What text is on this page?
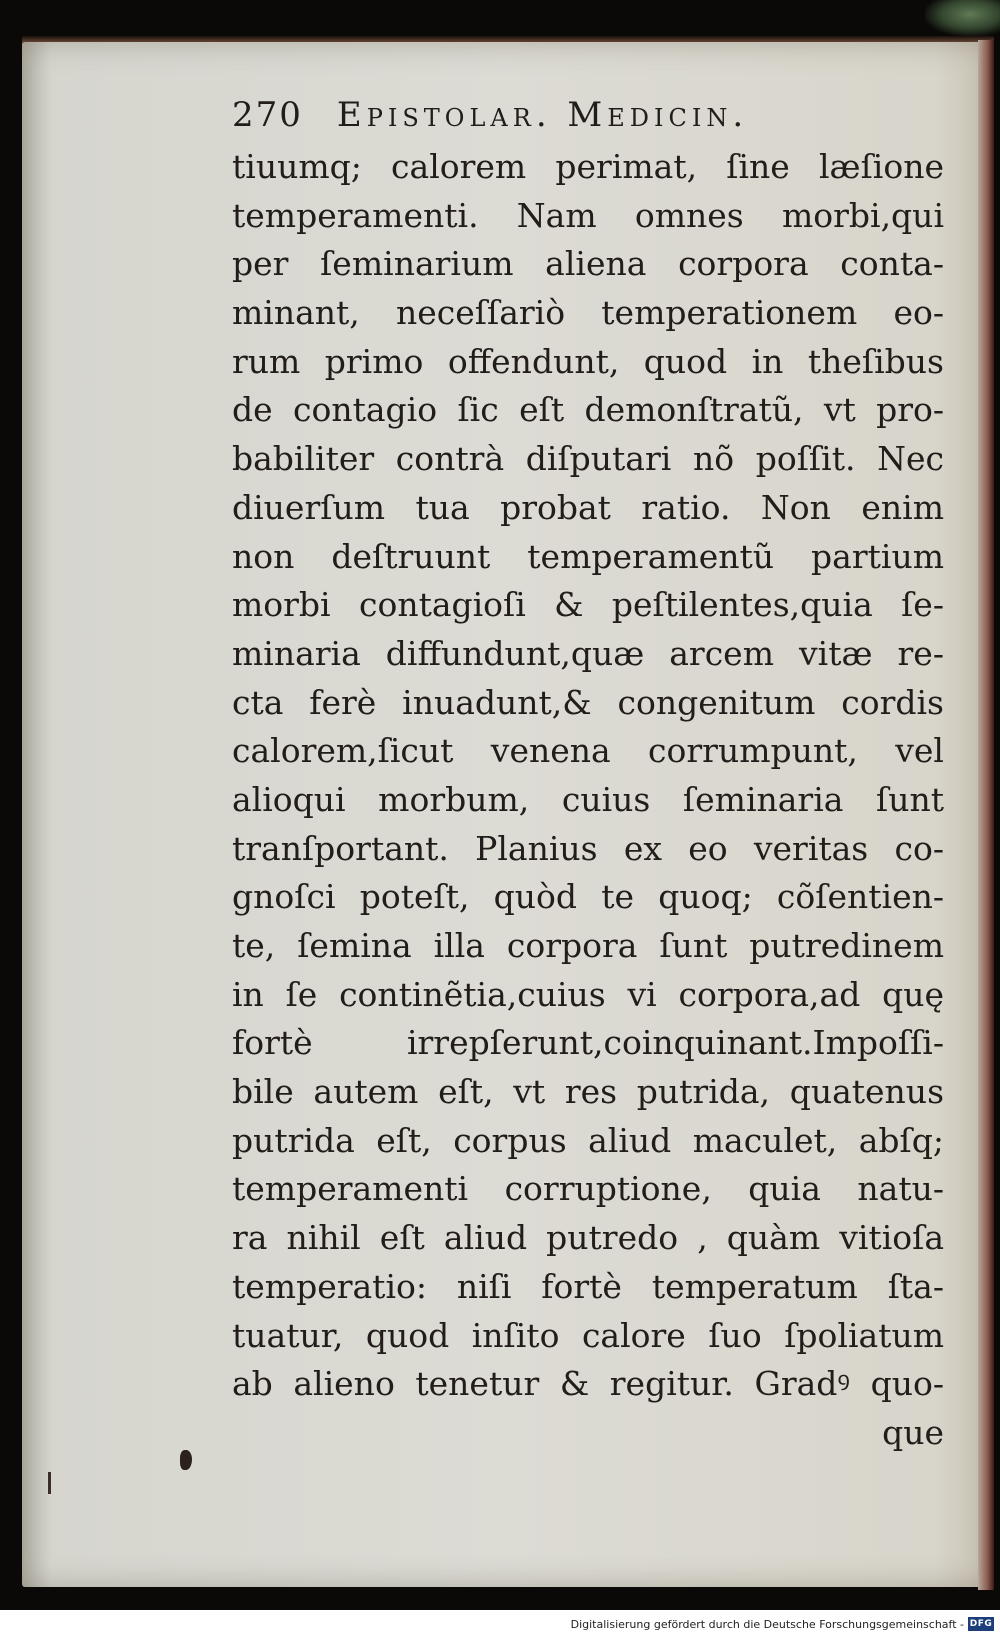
270 Epistolar. Medicin.
tiuumq; calorem perimat, ſine læſione
temperamenti. Nam omnes morbi,qui
per ſeminarium aliena corpora conta-
minant, neceſſariò temperationem eo-
rum primo offendunt, quod in theſibus
de contagio ſic eſt demonſtratũ, vt pro-
babiliter contrà diſputari nõ poſſit. Nec
diuerſum tua probat ratio. Non enim
non deſtruunt temperamentũ partium
morbi contagioſi & peſtilentes,quia ſe-
minaria diffundunt,quæ arcem vitæ re-
cta ferè inuadunt,& congenitum cordis
calorem,ſicut venena corrumpunt, vel
alioqui morbum, cuius ſeminaria ſunt
tranſportant. Planius ex eo veritas co-
gnoſci poteſt, quòd te quoq; cõſentien-
te, ſemina illa corpora ſunt putredinem
in ſe continẽtia,cuius vi corpora,ad quę
fortè irrepſerunt,coinquinant.Impoſſi-
bile autem eſt, vt res putrida, quatenus
putrida eſt, corpus aliud maculet, abſq;
temperamenti corruptione, quia natu-
ra nihil eſt aliud putredo , quàm vitioſa
temperatio: niſi fortè temperatum ſta-
tuatur, quod inſito calore ſuo ſpoliatum
ab alieno tenetur & regitur. Gradꝰ quo-
que
Digitalisierung gefördert durch die Deutsche Forschungsgemeinschaft - DFG
